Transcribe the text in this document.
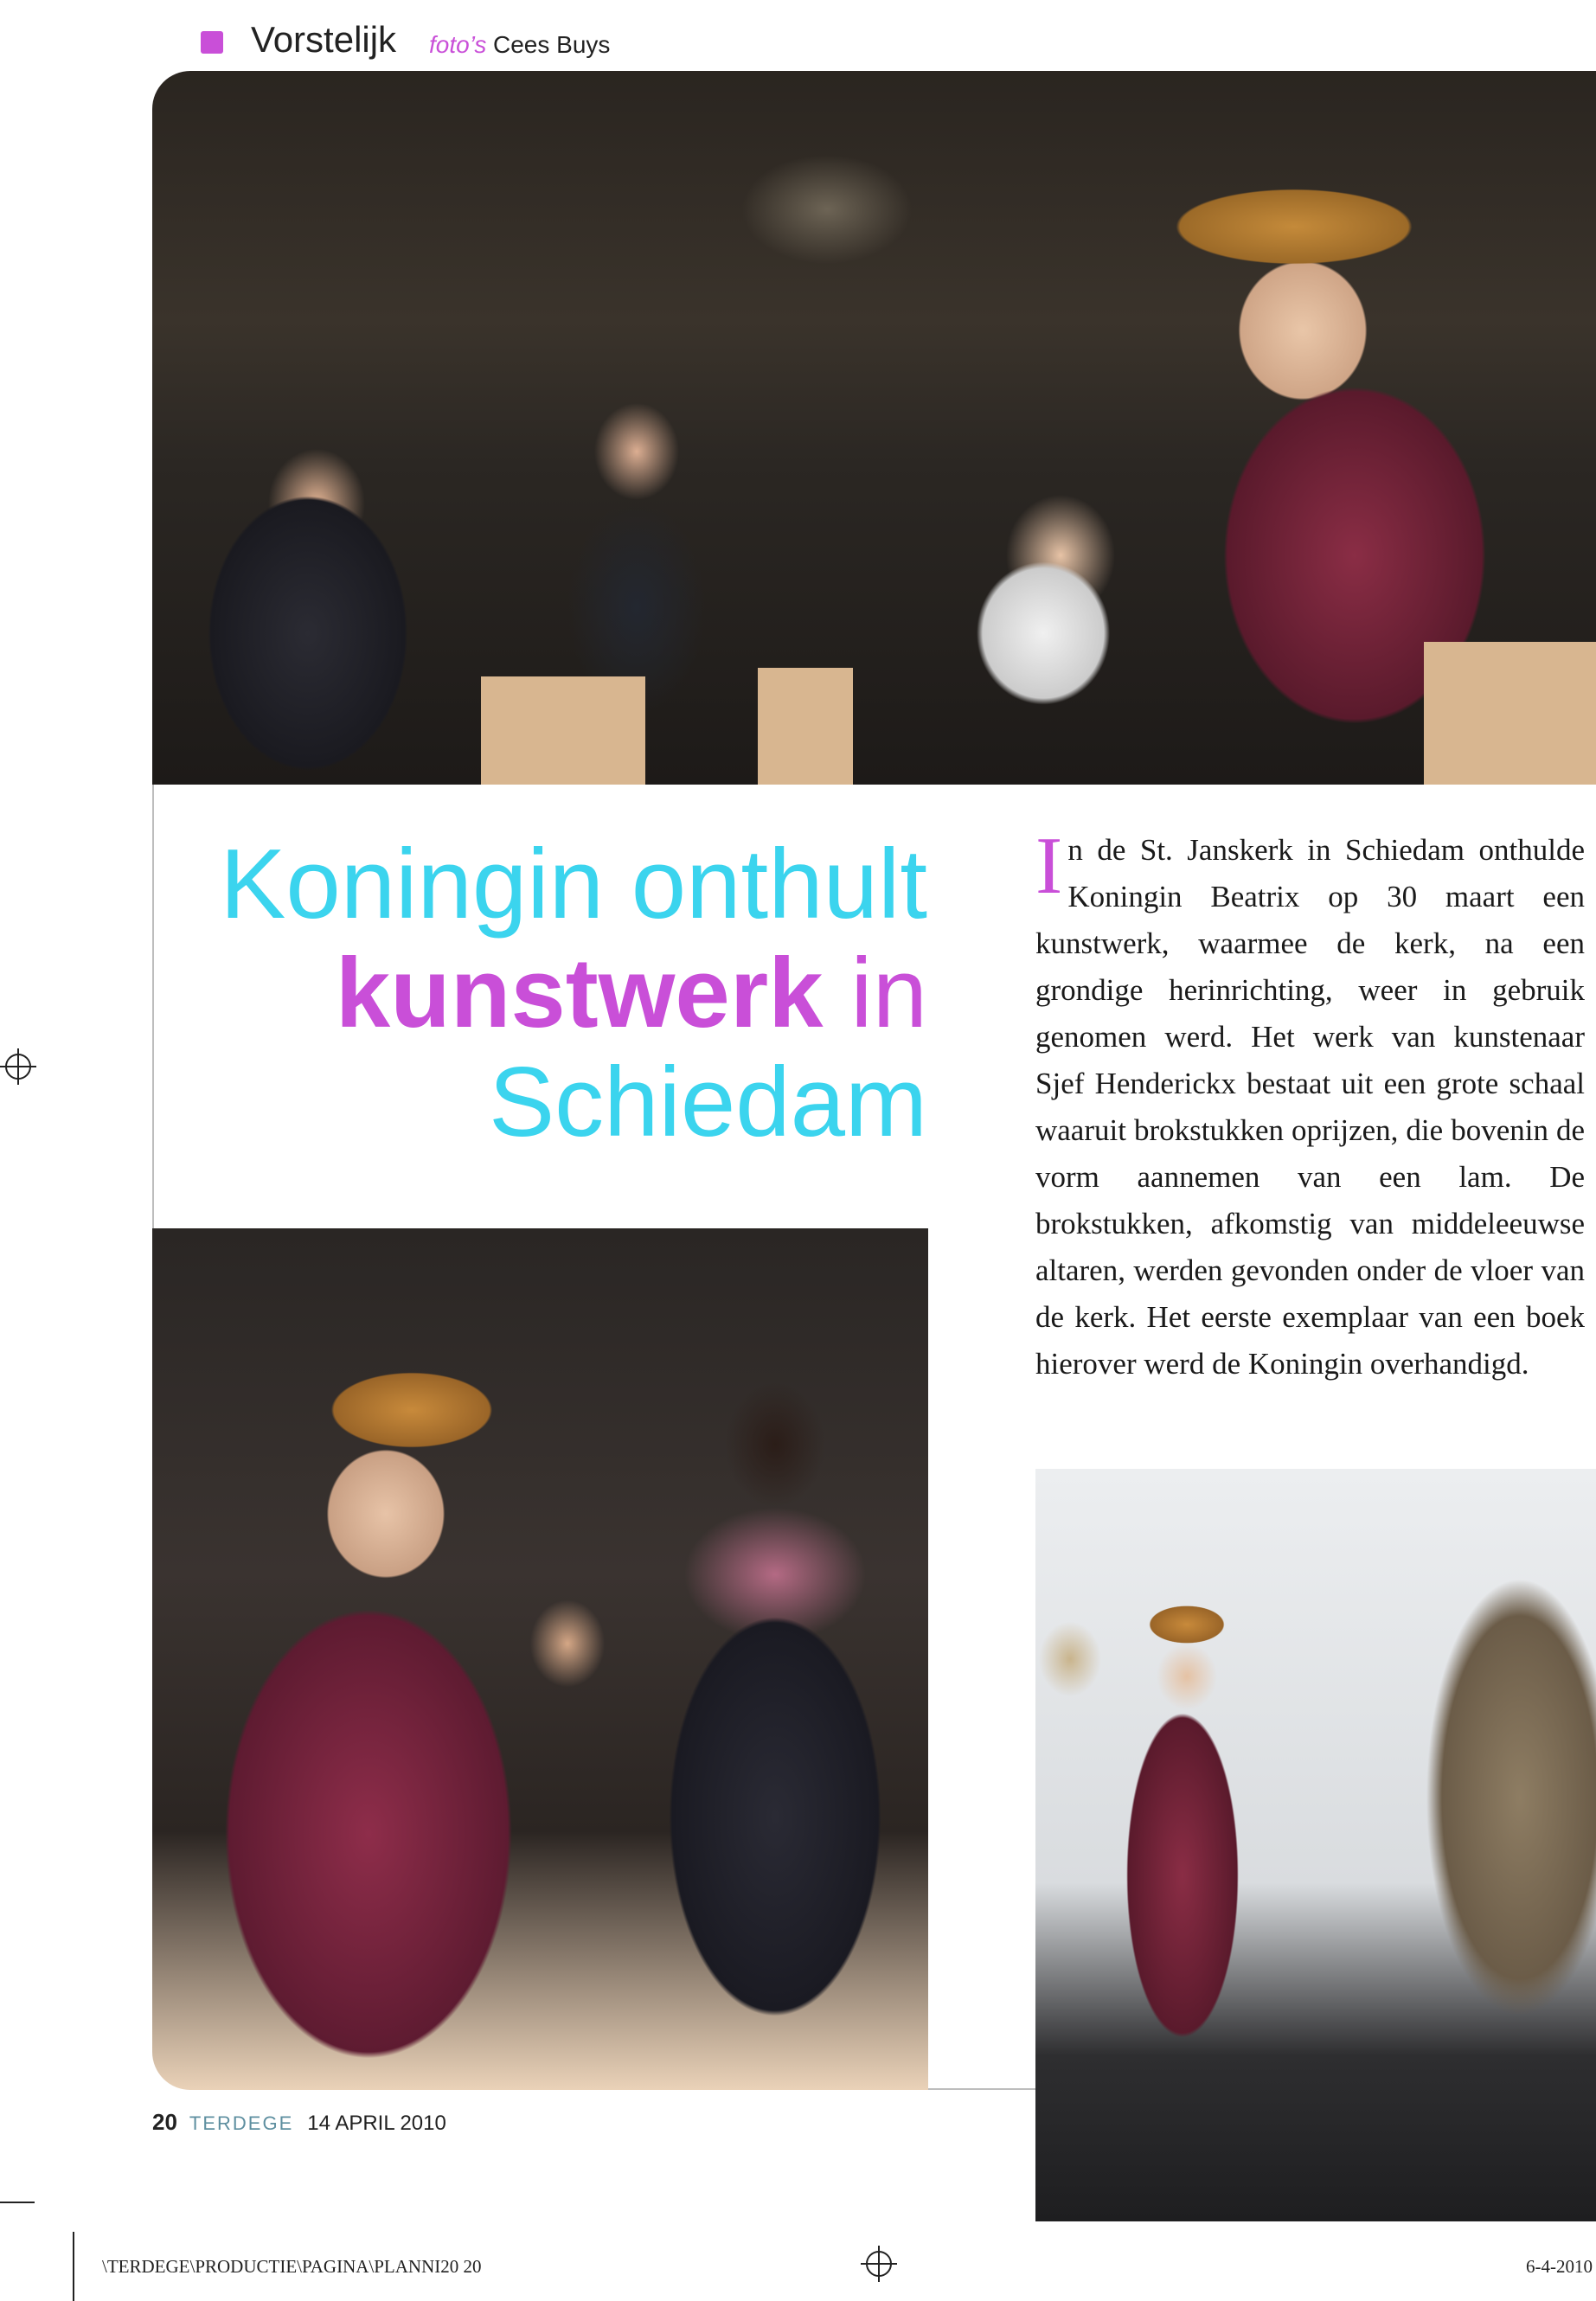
Vorstelijk foto’s Cees Buys
Koningin onthult
kunstwerk in
Schiedam
In de St. Janskerk in Schiedam onthulde Koningin Beatrix op 30 maart een kunstwerk, waarmee de kerk, na een grondige herinrichting, weer in gebruik genomen werd. Het werk van kunstenaar Sjef Henderickx bestaat uit een grote schaal waaruit brokstukken oprijzen, die bovenin de vorm aannemen van een lam. De brokstukken, afkomstig van middeleeuwse altaren, werden gevonden onder de vloer van de kerk. Het eerste exemplaar van een boek hierover werd de Koningin overhandigd.
20 TERDEGE 14 APRIL 2010
\TERDEGE\PRODUCTIE\PAGINA\PLANNI20 20	6-4-2010
